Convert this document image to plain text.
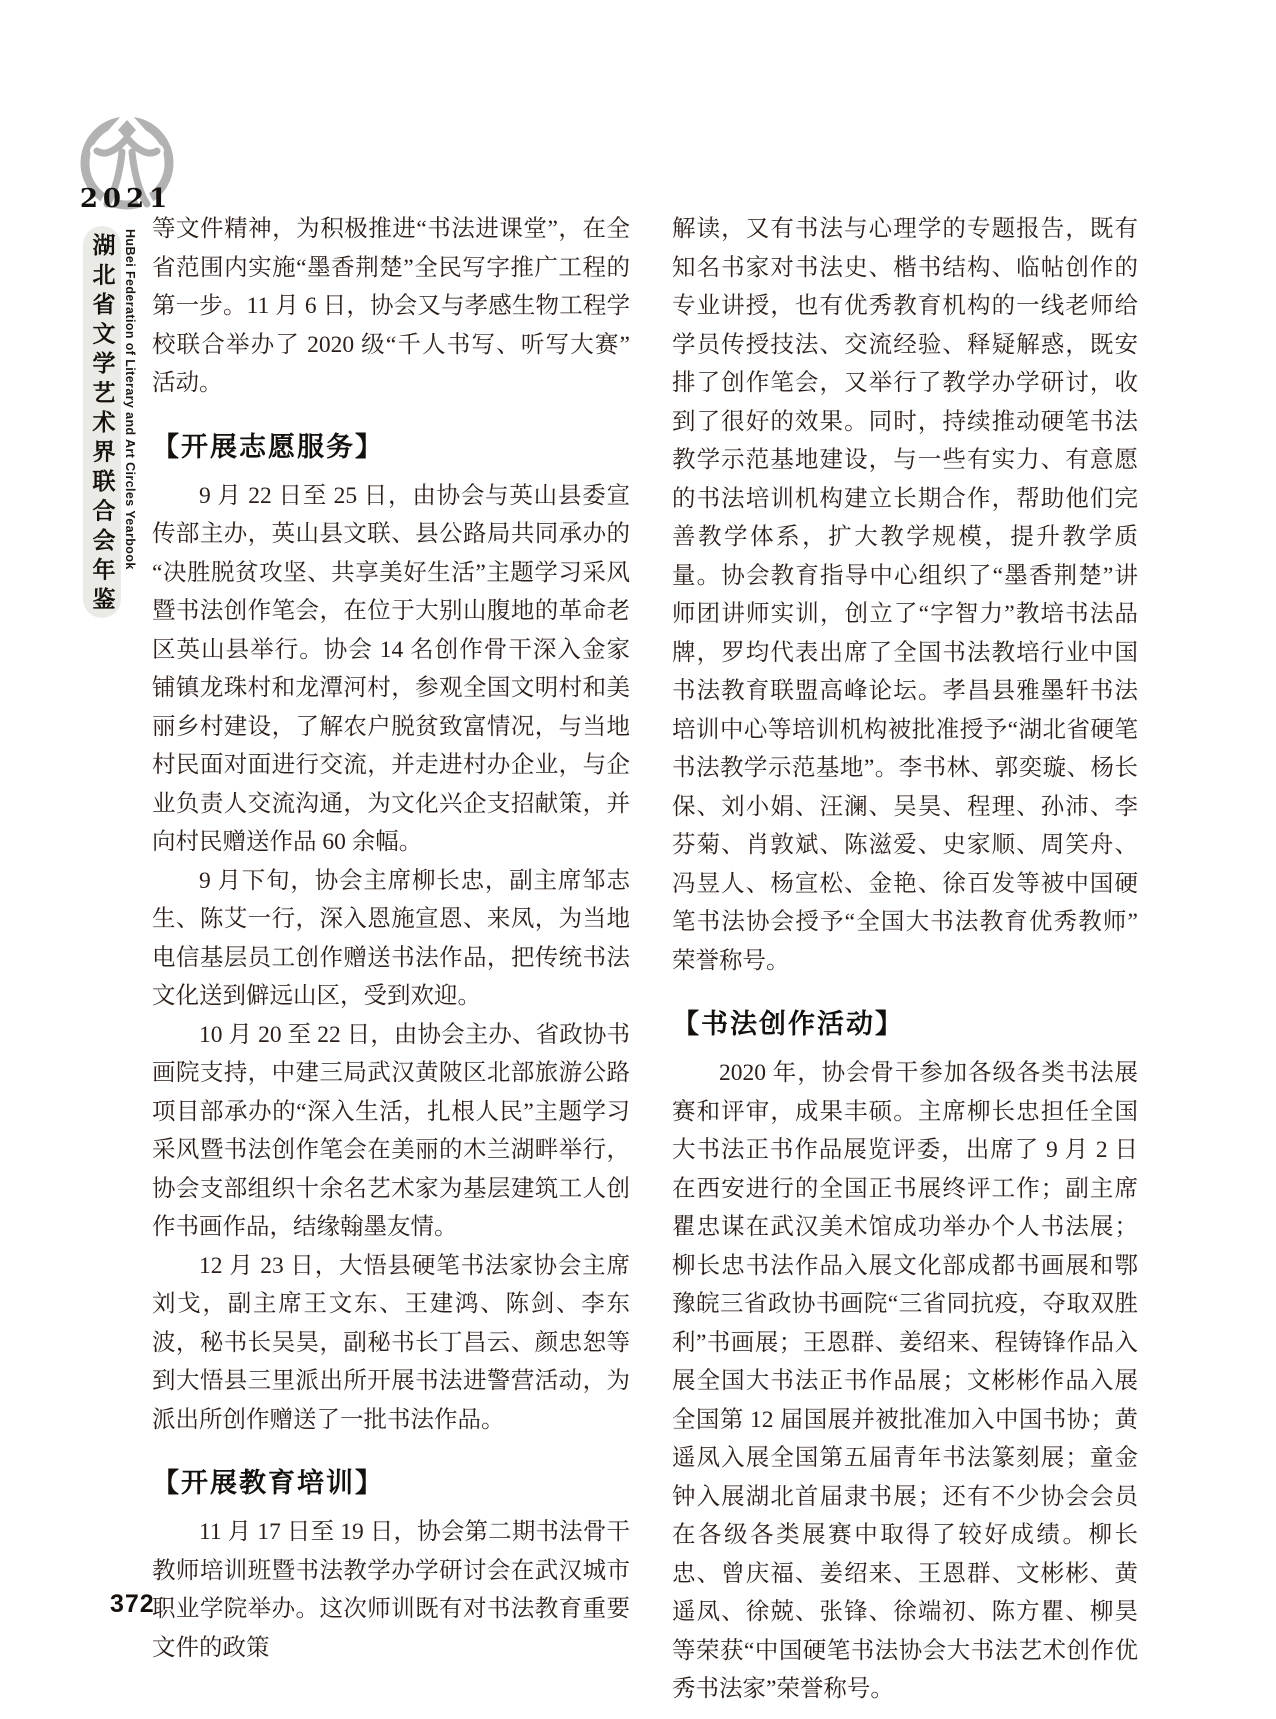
2021
湖北省文学艺术界联合会年鉴 HuBei Federation of Literary and Art Circles Yearbook 等文件精神，为积极推进“书法进课堂”，在全省范围内实施“墨香荆楚”全民写字推广工程的第一步。11 月 6 日，协会又与孝感生物工程学校联合举办了 2020 级“千人书写、听写大赛”活动。

【开展志愿服务】

9 月 22 日至 25 日，由协会与英山县委宣传部主办，英山县文联、县公路局共同承办的“决胜脱贫攻坚、共享美好生活”主题学习采风暨书法创作笔会，在位于大别山腹地的革命老区英山县举行。协会 14 名创作骨干深入金家铺镇龙珠村和龙潭河村，参观全国文明村和美丽乡村建设，了解农户脱贫致富情况，与当地村民面对面进行交流，并走进村办企业，与企业负责人交流沟通，为文化兴企支招献策，并向村民赠送作品 60 余幅。

9 月下旬，协会主席柳长忠，副主席邹志生、陈艾一行，深入恩施宣恩、来凤，为当地电信基层员工创作赠送书法作品，把传统书法文化送到僻远山区，受到欢迎。

10 月 20 至 22 日，由协会主办、省政协书画院支持，中建三局武汉黄陂区北部旅游公路项目部承办的“深入生活，扎根人民”主题学习采风暨书法创作笔会在美丽的木兰湖畔举行，协会支部组织十余名艺术家为基层建筑工人创作书画作品，结缘翰墨友情。

12 月 23 日，大悟县硬笔书法家协会主席刘戈，副主席王文东、王建鸿、陈剑、李东波，秘书长吴昊，副秘书长丁昌云、颜忠恕等到大悟县三里派出所开展书法进警营活动，为派出所创作赠送了一批书法作品。

【开展教育培训】

11 月 17 日至 19 日，协会第二期书法骨干教师培训班暨书法教学办学研讨会在武汉城市职业学院举办。这次师训既有对书法教育重要文件的政策

解读，又有书法与心理学的专题报告，既有知名书家对书法史、楷书结构、临帖创作的专业讲授，也有优秀教育机构的一线老师给学员传授技法、交流经验、释疑解惑，既安排了创作笔会，又举行了教学办学研讨，收到了很好的效果。同时，持续推动硬笔书法教学示范基地建设，与一些有实力、有意愿的书法培训机构建立长期合作，帮助他们完善教学体系，扩大教学规模，提升教学质量。协会教育指导中心组织了“墨香荆楚”讲师团讲师实训，创立了“字智力”教培书法品牌，罗均代表出席了全国书法教培行业中国书法教育联盟高峰论坛。孝昌县雅墨轩书法培训中心等培训机构被批准授予“湖北省硬笔书法教学示范基地”。李书林、郭奕璇、杨长保、刘小娟、汪澜、吴昊、程理、孙沛、李芬菊、肖敦斌、陈滋爱、史家顺、周笑舟、冯昱人、杨宣松、金艳、徐百发等被中国硬笔书法协会授予“全国大书法教育优秀教师”荣誉称号。

【书法创作活动】

2020 年，协会骨干参加各级各类书法展赛和评审，成果丰硕。主席柳长忠担任全国大书法正书作品展览评委，出席了 9 月 2 日在西安进行的全国正书展终评工作；副主席瞿忠谋在武汉美术馆成功举办个人书法展；柳长忠书法作品入展文化部成都书画展和鄂豫皖三省政协书画院“三省同抗疫，夺取双胜利”书画展；王恩群、姜绍来、程铸锋作品入展全国大书法正书作品展；文彬彬作品入展全国第 12 届国展并被批准加入中国书协；黄遥凤入展全国第五届青年书法篆刻展；童金钟入展湖北首届隶书展；还有不少协会会员在各级各类展赛中取得了较好成绩。柳长忠、曾庆福、姜绍来、王恩群、文彬彬、黄遥凤、徐兢、张锋、徐端初、陈方瞿、柳昊等荣获“中国硬笔书法协会大书法艺术创作优秀书法家”荣誉称号。

372
